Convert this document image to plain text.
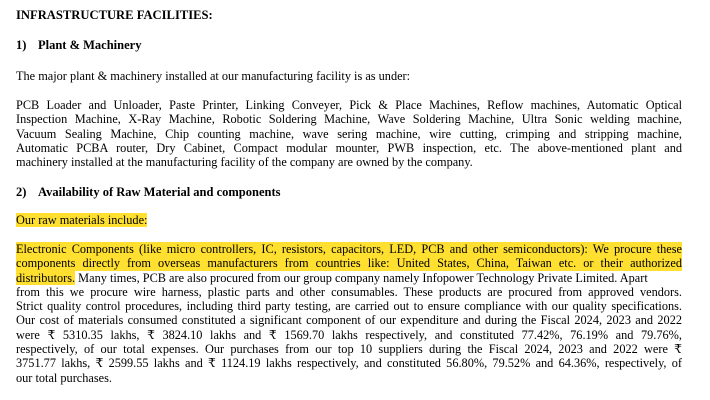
INFRASTRUCTURE FACILITIES:
1) Plant & Machinery
The major plant & machinery installed at our manufacturing facility is as under:
PCB Loader and Unloader, Paste Printer, Linking Conveyer, Pick & Place Machines, Reflow machines, Automatic Optical
Inspection Machine, X-Ray Machine, Robotic Soldering Machine, Wave Soldering Machine, Ultra Sonic welding machine,
Vacuum Sealing Machine, Chip counting machine, wave sering machine, wire cutting, crimping and stripping machine,
Automatic PCBA router, Dry Cabinet, Compact modular mounter, PWB inspection, etc. The above-mentioned plant and
machinery installed at the manufacturing facility of the company are owned by the company.
2) Availability of Raw Material and components
Our raw materials include:
Electronic Components (like micro controllers, IC, resistors, capacitors, LED, PCB and other semiconductors): We procure these
components directly from overseas manufacturers from countries like: United States, China, Taiwan etc. or their authorized
distributors. Many times, PCB are also procured from our group company namely Infopower Technology Private Limited. Apart
from this we procure wire harness, plastic parts and other consumables. These products are procured from approved vendors.
Strict quality control procedures, including third party testing, are carried out to ensure compliance with our quality specifications.
Our cost of materials consumed constituted a significant component of our expenditure and during the Fiscal 2024, 2023 and 2022
were ₹ 5310.35 lakhs, ₹ 3824.10 lakhs and ₹ 1569.70 lakhs respectively, and constituted 77.42%, 76.19% and 79.76%,
respectively, of our total expenses. Our purchases from our top 10 suppliers during the Fiscal 2024, 2023 and 2022 were ₹
3751.77 lakhs, ₹ 2599.55 lakhs and ₹ 1124.19 lakhs respectively, and constituted 56.80%, 79.52% and 64.36%, respectively, of
our total purchases.
